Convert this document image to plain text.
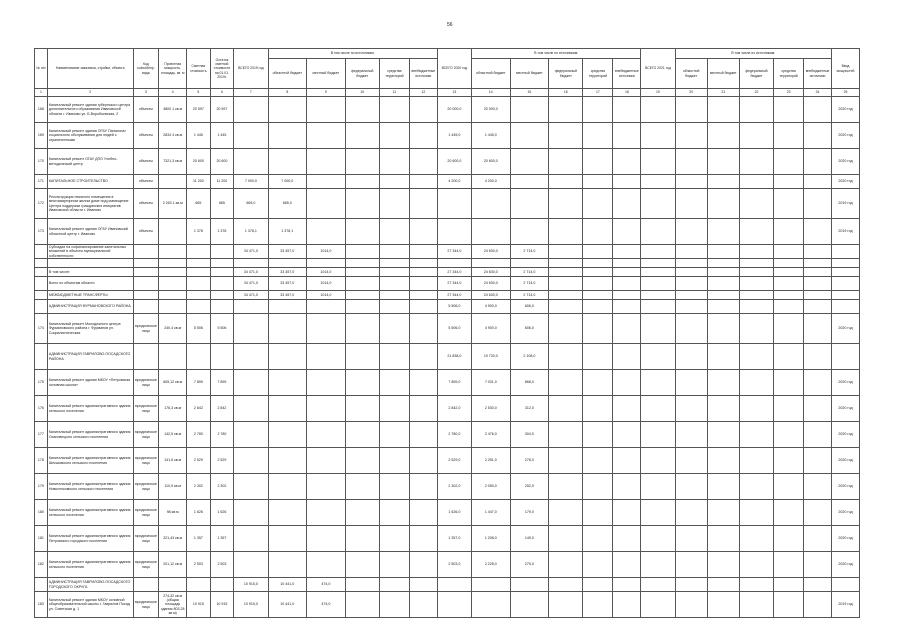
56
№ п/п	Наименование заказчика, стройки, объекта	Код subсобенр. вида	Проектная мощность, площадь, кв. м	Сметная стоимость	Остаток сметной стоимости на 01.01. 2019г.	ВСЕГО 2019 год	В том числе по источникам:					ВСЕГО 2020 год	В том числе по источникам:					ВСЕГО 2021 год	В том числе по источникам:					Ввод мощностей
							областной бюджет	местный бюджет	федеральный бюджет	средства территорий	внебюджетные источники		областной бюджет	местный бюджет	федеральный бюджет	средства территорий	внебюджетные источники		областной бюджет	местный бюджет	федеральный бюджет	средства территорий	внебюджетные источники	
1	2	3	4	5	6	7	8	9	10	11	12	13	14	15	16	17	18	19	20	21	22	23	24	25
168	Капитальный ремонт здания губернского центра дополнительного образования Ивановской области г. Иваново ул. Б.Воробьевская, 2	объекты	4800 1 кв.м	20 597	20 597							20 000,0	20 000,0											2020 год
169	Капитальный ремонт здания ОГБУ Пансионат социального обслуживания для людей с ограниченными	объекты	2834 4 кв.м	1 445	1 445							1 445,0	1 445,0											2020 год
170	Капитальный ремонт ОГАУ ДПО Учебно-методический центр	объекты	7321,3 кв.м	20 600	20 600							20 600,0	20 600,0											2020 год
171	КАПИТАЛЬНОЕ СТРОИТЕЛЬСТВО	объекты		11 200	11 200	7 000,0	7 000,0					4 200,0	4 200,0											2020 год
172	Реконструкция нежилого помещения в многоквартирном жилом доме под размещение Центра поддержки гражданских инициатив Ивановской области г. Иваново	объекты	2 263 1 кв.м	665	665	665,0	665,0																	2019 год
173	Капитальный ремонт здания ОГБУ Ивановский областной центр г. Иваново	объекты		1 378	1 378	1 378,1	1 378,1																	2019 год
	Субсидии на софинансирование капитальных вложений в объекты муниципальной собственности					34 471,0	33 457,0	1014,0				27 344,0	24 630,0	2 714,0										

	В том числе:					34 471,0	33 457,0	1014,0				27 344,0	24 630,0	2 714,0										
	Всего по объектам области					34 471,0	33 457,0	1014,0				27 344,0	24 630,0	2 714,0										
	МЕЖБЮДЖЕТНЫЕ ТРАНСФЕРТЫ					34 471,0	33 457,0	1014,0				27 344,0	24 630,0	2 714,0										
	АДМИНИСТРАЦИЯ ФУРМАНОВСКОГО РАЙОНА											5 506,0	4 900,0	606,0										
174	Капитальный ремонт Молодежного центра Фурмановского района г. Фурманов ул. Социалистическая	юридическое лицо	240,4 кв.м	5 506	5 506							5 506,0	4 900,0	606,0										2020 год
	АДМИНИСТРАЦИЯ ГАВРИЛОВО-ПОСАДСКОГО РАЙОНА											21 838,0	19 730,0	2 108,0										
175	Капитальный ремонт здания МКОУ «Петровская основная школа»	юридическое лицо	605,12 кв.м	7 899	7 899							7 899,0	7 031,0	868,0										2020 год
176	Капитальный ремонт административного здания сельского поселения	юридическое лицо	176,3 кв.м	2 842	2 842							2 842,0	2 530,0	312,0										2020 год
177	Капитальный ремонт административного здания Осановецкого сельского поселения	юридическое лицо	142,5 кв.м	2 780	2 780							2 780,0	2 476,0	304,0										2020 год
178	Капитальный ремонт административного здания Шекшовского сельского поселения	юридическое лицо	141,6 кв.м	2 529	2 529							2 529,0	2 251,0	278,0										2020 год
179	Капитальный ремонт административного здания Новоселковского сельского поселения	юридическое лицо	110,9 кв.м	2 302	2 302							2 302,0	2 050,0	252,0										2020 год
180	Капитальный ремонт административного здания сельского поселения	юридическое лицо	98 кв.м	1 626	1 626							1 626,0	1 447,0	179,0										2020 год
181	Капитальный ремонт административного здания Петровского городского поселения	юридическое лицо	221,43 кв.м	1 357	1 357							1 357,0	1 208,0	149,0										2020 год
182	Капитальный ремонт административного здания сельского поселения	юридическое лицо	201,12 кв.м	2 503	2 503							2 503,0	2 228,0	275,0										2020 год
	АДМИНИСТРАЦИЯ ГАВРИЛОВО-ПОСАДСКОГО ГОРОДСКОГО ОКРУГА					10 915,0	10 441,0	474,0																
183	Капитальный ремонт здания МКОУ основной общеобразовательной школы г. Гаврилов Посад ул. Советская д. 1	юридическое лицо	274,32 кв.м (общая площадь здания 803,28 кв.м)	10 915	10 915	10 915,0	10 441,0	474,0																2019 год
